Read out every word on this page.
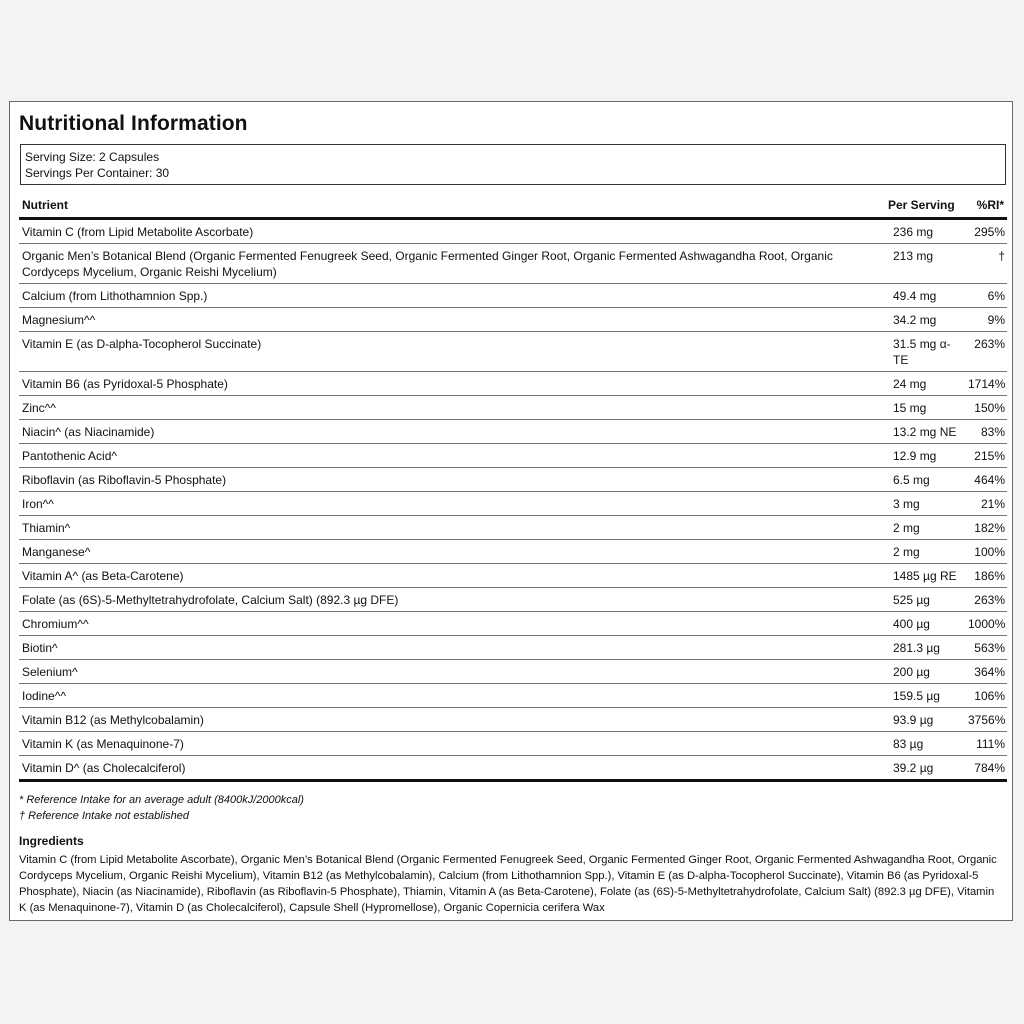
Nutritional Information
Serving Size: 2 Capsules
Servings Per Container: 30
Nutrient	Per Serving	%RI*
Vitamin C (from Lipid Metabolite Ascorbate)	236 mg	295%
Organic Men’s Botanical Blend (Organic Fermented Fenugreek Seed, Organic Fermented Ginger Root, Organic Fermented Ashwagandha Root, Organic Cordyceps Mycelium, Organic Reishi Mycelium)	213 mg	†
Calcium (from Lithothamnion Spp.)	49.4 mg	6%
Magnesium^^	34.2 mg	9%
Vitamin E (as D-alpha-Tocopherol Succinate)	31.5 mg α-TE	263%
Vitamin B6 (as Pyridoxal-5 Phosphate)	24 mg	1714%
Zinc^^	15 mg	150%
Niacin^ (as Niacinamide)	13.2 mg NE	83%
Pantothenic Acid^	12.9 mg	215%
Riboflavin (as Riboflavin-5 Phosphate)	6.5 mg	464%
Iron^^	3 mg	21%
Thiamin^	2 mg	182%
Manganese^	2 mg	100%
Vitamin A^ (as Beta-Carotene)	1485 µg RE	186%
Folate (as (6S)-5-Methyltetrahydrofolate, Calcium Salt) (892.3 µg DFE)	525 µg	263%
Chromium^^	400 µg	1000%
Biotin^	281.3 µg	563%
Selenium^	200 µg	364%
Iodine^^	159.5 µg	106%
Vitamin B12 (as Methylcobalamin)	93.9 µg	3756%
Vitamin K (as Menaquinone-7)	83 µg	111%
Vitamin D^ (as Cholecalciferol)	39.2 µg	784%
* Reference Intake for an average adult (8400kJ/2000kcal)
† Reference Intake not established
Ingredients
Vitamin C (from Lipid Metabolite Ascorbate), Organic Men’s Botanical Blend (Organic Fermented Fenugreek Seed, Organic Fermented Ginger Root, Organic Fermented Ashwagandha Root, Organic Cordyceps Mycelium, Organic Reishi Mycelium), Vitamin B12 (as Methylcobalamin), Calcium (from Lithothamnion Spp.), Vitamin E (as D-alpha-Tocopherol Succinate), Vitamin B6 (as Pyridoxal-5 Phosphate), Niacin (as Niacinamide), Riboflavin (as Riboflavin-5 Phosphate), Thiamin, Vitamin A (as Beta-Carotene), Folate (as (6S)-5-Methyltetrahydrofolate, Calcium Salt) (892.3 µg DFE), Vitamin K (as Menaquinone-7), Vitamin D (as Cholecalciferol), Capsule Shell (Hypromellose), Organic Copernicia cerifera Wax
